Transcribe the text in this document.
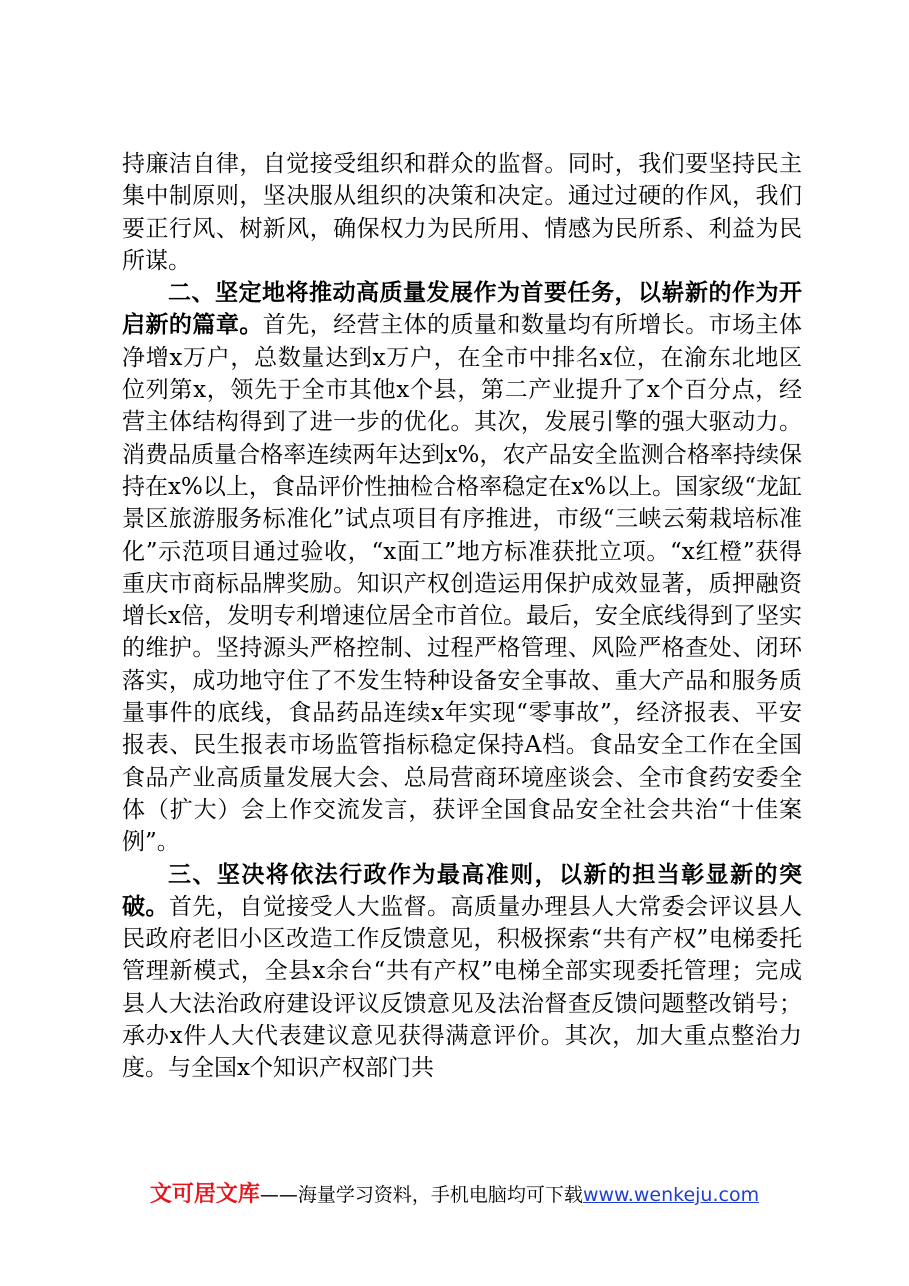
持廉洁自律，自觉接受组织和群众的监督。同时，我们要坚持民主集中制原则，坚决服从组织的决策和决定。通过过硬的作风，我们要正行风、树新风，确保权力为民所用、情感为民所系、利益为民所谋。

二、坚定地将推动高质量发展作为首要任务，以崭新的作为开启新的篇章。首先，经营主体的质量和数量均有所增长。市场主体净增x万户，总数量达到x万户，在全市中排名x位，在渝东北地区位列第x，领先于全市其他x个县，第二产业提升了x个百分点，经营主体结构得到了进一步的优化。其次，发展引擎的强大驱动力。消费品质量合格率连续两年达到x%，农产品安全监测合格率持续保持在x%以上，食品评价性抽检合格率稳定在x%以上。国家级“龙缸景区旅游服务标准化”试点项目有序推进，市级“三峡云菊栽培标准化”示范项目通过验收，“x面工”地方标准获批立项。“x红橙”获得重庆市商标品牌奖励。知识产权创造运用保护成效显著，质押融资增长x倍，发明专利增速位居全市首位。最后，安全底线得到了坚实的维护。坚持源头严格控制、过程严格管理、风险严格查处、闭环落实，成功地守住了不发生特种设备安全事故、重大产品和服务质量事件的底线，食品药品连续x年实现“零事故”，经济报表、平安报表、民生报表市场监管指标稳定保持A档。食品安全工作在全国食品产业高质量发展大会、总局营商环境座谈会、全市食药安委全体（扩大）会上作交流发言，获评全国食品安全社会共治“十佳案例”。

三、坚决将依法行政作为最高准则，以新的担当彰显新的突破。首先，自觉接受人大监督。高质量办理县人大常委会评议县人民政府老旧小区改造工作反馈意见，积极探索“共有产权”电梯委托管理新模式，全县x余台“共有产权”电梯全部实现委托管理；完成县人大法治政府建设评议反馈意见及法治督查反馈问题整改销号；承办x件人大代表建议意见获得满意评价。其次，加大重点整治力度。与全国x个知识产权部门共

文可居文库——海量学习资料，手机电脑均可下载www.wenkeju.com
